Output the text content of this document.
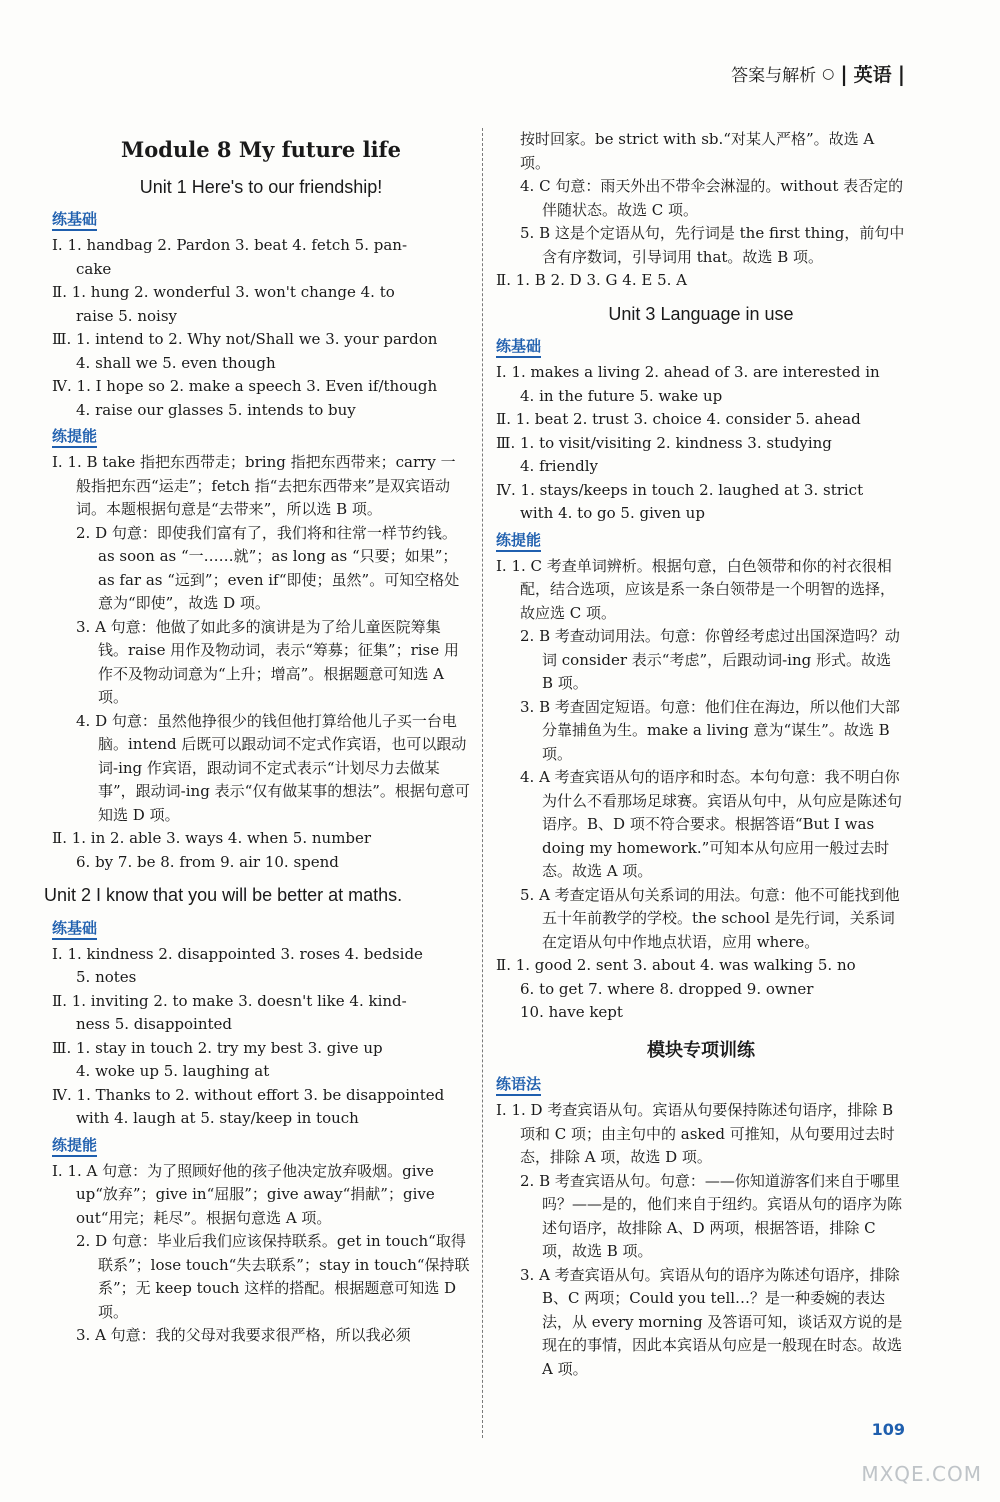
答案与解析 ○ | 英语 |
Module 8 My future life
Unit 1 Here's to our friendship!
练基础

Ⅰ. 1. handbag 2. Pardon 3. beat 4. fetch 5. pan-

cake

Ⅱ. 1. hung 2. wonderful 3. won't change 4. to

raise 5. noisy

Ⅲ. 1. intend to 2. Why not/Shall we 3. your pardon

4. shall we 5. even though

Ⅳ. 1. I hope so 2. make a speech 3. Even if/though

4. raise our glasses 5. intends to buy

练提能

Ⅰ. 1. B take 指把东西带走；bring 指把东西带来；carry 一般指把东西“运走”；fetch 指“去把东西带来”是双宾语动词。本题根据句意是“去带来”，所以选 B 项。

2. D 句意：即使我们富有了，我们将和往常一样节约钱。as soon as “一……就”；as long as “只要；如果”；as far as “远到”；even if“即使；虽然”。可知空格处意为“即使”，故选 D 项。

3. A 句意：他做了如此多的演讲是为了给儿童医院筹集钱。raise 用作及物动词，表示“筹募；征集”；rise 用作不及物动词意为“上升；增高”。根据题意可知选 A 项。

4. D 句意：虽然他挣很少的钱但他打算给他儿子买一台电脑。intend 后既可以跟动词不定式作宾语，也可以跟动词-ing 作宾语，跟动词不定式表示“计划尽力去做某事”，跟动词-ing 表示“仅有做某事的想法”。根据句意可知选 D 项。

Ⅱ. 1. in 2. able 3. ways 4. when 5. number

6. by 7. be 8. from 9. air 10. spend

Unit 2 I know that you will be better at maths.
练基础

Ⅰ. 1. kindness 2. disappointed 3. roses 4. bedside

5. notes

Ⅱ. 1. inviting 2. to make 3. doesn't like 4. kind-

ness 5. disappointed

Ⅲ. 1. stay in touch 2. try my best 3. give up

4. woke up 5. laughing at

Ⅳ. 1. Thanks to 2. without effort 3. be disappointed

with 4. laugh at 5. stay/keep in touch

练提能

Ⅰ. 1. A 句意：为了照顾好他的孩子他决定放弃吸烟。give up“放弃”；give in“屈服”；give away“捐献”；give out“用完；耗尽”。根据句意选 A 项。

2. D 句意：毕业后我们应该保持联系。get in touch“取得联系”；lose touch“失去联系”；stay in touch“保持联系”；无 keep touch 这样的搭配。根据题意可知选 D 项。

3. A 句意：我的父母对我要求很严格，所以我必须

按时回家。be strict with sb.“对某人严格”。故选 A 项。

4. C 句意：雨天外出不带伞会淋湿的。without 表否定的伴随状态。故选 C 项。

5. B 这是个定语从句，先行词是 the first thing，前句中含有序数词，引导词用 that。故选 B 项。

Ⅱ. 1. B 2. D 3. G 4. E 5. A

Unit 3 Language in use
练基础

Ⅰ. 1. makes a living 2. ahead of 3. are interested in

4. in the future 5. wake up

Ⅱ. 1. beat 2. trust 3. choice 4. consider 5. ahead

Ⅲ. 1. to visit/visiting 2. kindness 3. studying

4. friendly

Ⅳ. 1. stays/keeps in touch 2. laughed at 3. strict

with 4. to go 5. given up

练提能

Ⅰ. 1. C 考查单词辨析。根据句意，白色领带和你的衬衣很相配，结合选项，应该是系一条白领带是一个明智的选择，故应选 C 项。

2. B 考查动词用法。句意：你曾经考虑过出国深造吗？动词 consider 表示“考虑”，后跟动词-ing 形式。故选 B 项。

3. B 考查固定短语。句意：他们住在海边，所以他们大部分靠捕鱼为生。make a living 意为“谋生”。故选 B 项。

4. A 考查宾语从句的语序和时态。本句句意：我不明白你为什么不看那场足球赛。宾语从句中，从句应是陈述句语序。B、D 项不符合要求。根据答语“But I was doing my homework.”可知本从句应用一般过去时态。故选 A 项。

5. A 考查定语从句关系词的用法。句意：他不可能找到他五十年前教学的学校。the school 是先行词，关系词在定语从句中作地点状语，应用 where。

Ⅱ. 1. good 2. sent 3. about 4. was walking 5. no

6. to get 7. where 8. dropped 9. owner

10. have kept

模块专项训练
练语法

Ⅰ. 1. D 考查宾语从句。宾语从句要保持陈述句语序，排除 B 项和 C 项；由主句中的 asked 可推知，从句要用过去时态，排除 A 项，故选 D 项。

2. B 考查宾语从句。句意：——你知道游客们来自于哪里吗？——是的，他们来自于纽约。宾语从句的语序为陈述句语序，故排除 A、D 两项，根据答语，排除 C 项，故选 B 项。

3. A 考查宾语从句。宾语从句的语序为陈述句语序，排除 B、C 两项；Could you tell…？是一种委婉的表达法，从 every morning 及答语可知，谈话双方说的是现在的事情，因此本宾语从句应是一般现在时态。故选 A 项。

109
MXQE.COM
